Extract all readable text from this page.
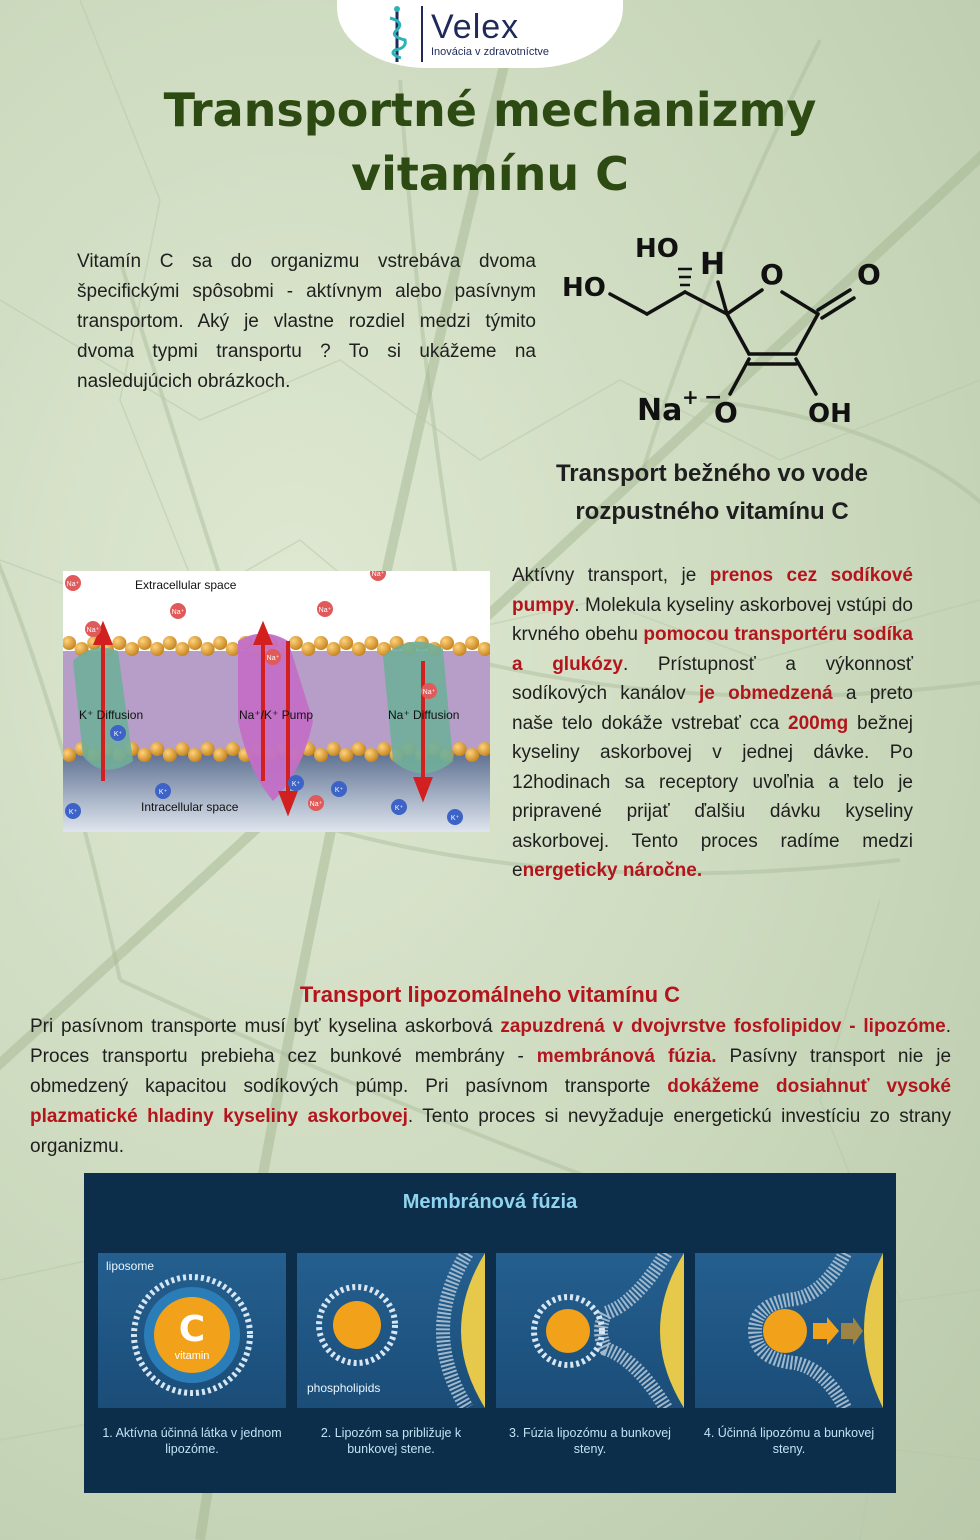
Velex
Inovácia v zdravotníctve
Transportné mechanizmy
vitamínu C

Vitamín C sa do organizmu vstrebáva dvoma špecifickými spôsobmi - aktívnym alebo pasívnym transportom. Aký je vlastne rozdiel medzi týmito dvoma typmi transportu ? To si ukážeme na nasledujúcich obrázkoch.

HO H O	O
HO
Na + −
O	OH
Transport bežného vo vode
rozpustného vitamínu C
Extracellular space
Intracellular space
K⁺ Diffusion	Na⁺/K⁺ Pump	Na⁺ Diffusion
Na⁺
Na⁺	Na⁺
Na⁺
Na⁺
Na⁺
Na⁺
Na⁺
K⁺
K⁺
K⁺
K⁺
K⁺
K⁺
K⁺

Aktívny transport, je prenos cez sodíkové pumpy. Molekula kyseliny askorbovej vstúpi do krvného obehu pomocou transportéru sodíka a glukózy. Prístupnosť a výkonnosť sodíkových kanálov je obmedzená a preto naše telo dokáže vstrebať cca 200mg bežnej kyseliny askorbovej v jednej dávke. Po 12hodinach sa receptory uvoľnia a telo je pripravené prijať ďalšiu dávku kyseliny askorbovej. Tento proces radíme medzi energeticky náročne.

Transport lipozomálneho vitamínu C

Pri pasívnom transporte musí byť kyselina askorbová zapuzdrená v dvojvrstve fosfolipidov - lipozóme. Proces transportu prebieha cez bunkové membrány - membránová fúzia. Pasívny transport nie je obmedzený kapacitou sodíkových púmp. Pri pasívnom transporte dokážeme dosiahnuť vysoké plazmatické hladiny kyseliny askorbovej. Tento proces si nevyžaduje energetickú investíciu zo strany organizmu.

Membránová fúzia
C
vitamin
liposome
phospholipids
1. Aktívna účinná látka v jednom lipozóme.
2. Lipozóm sa približuje k bunkovej stene.
3. Fúzia lipozómu a bunkovej steny.
4. Účinná lipozómu a bunkovej steny.
